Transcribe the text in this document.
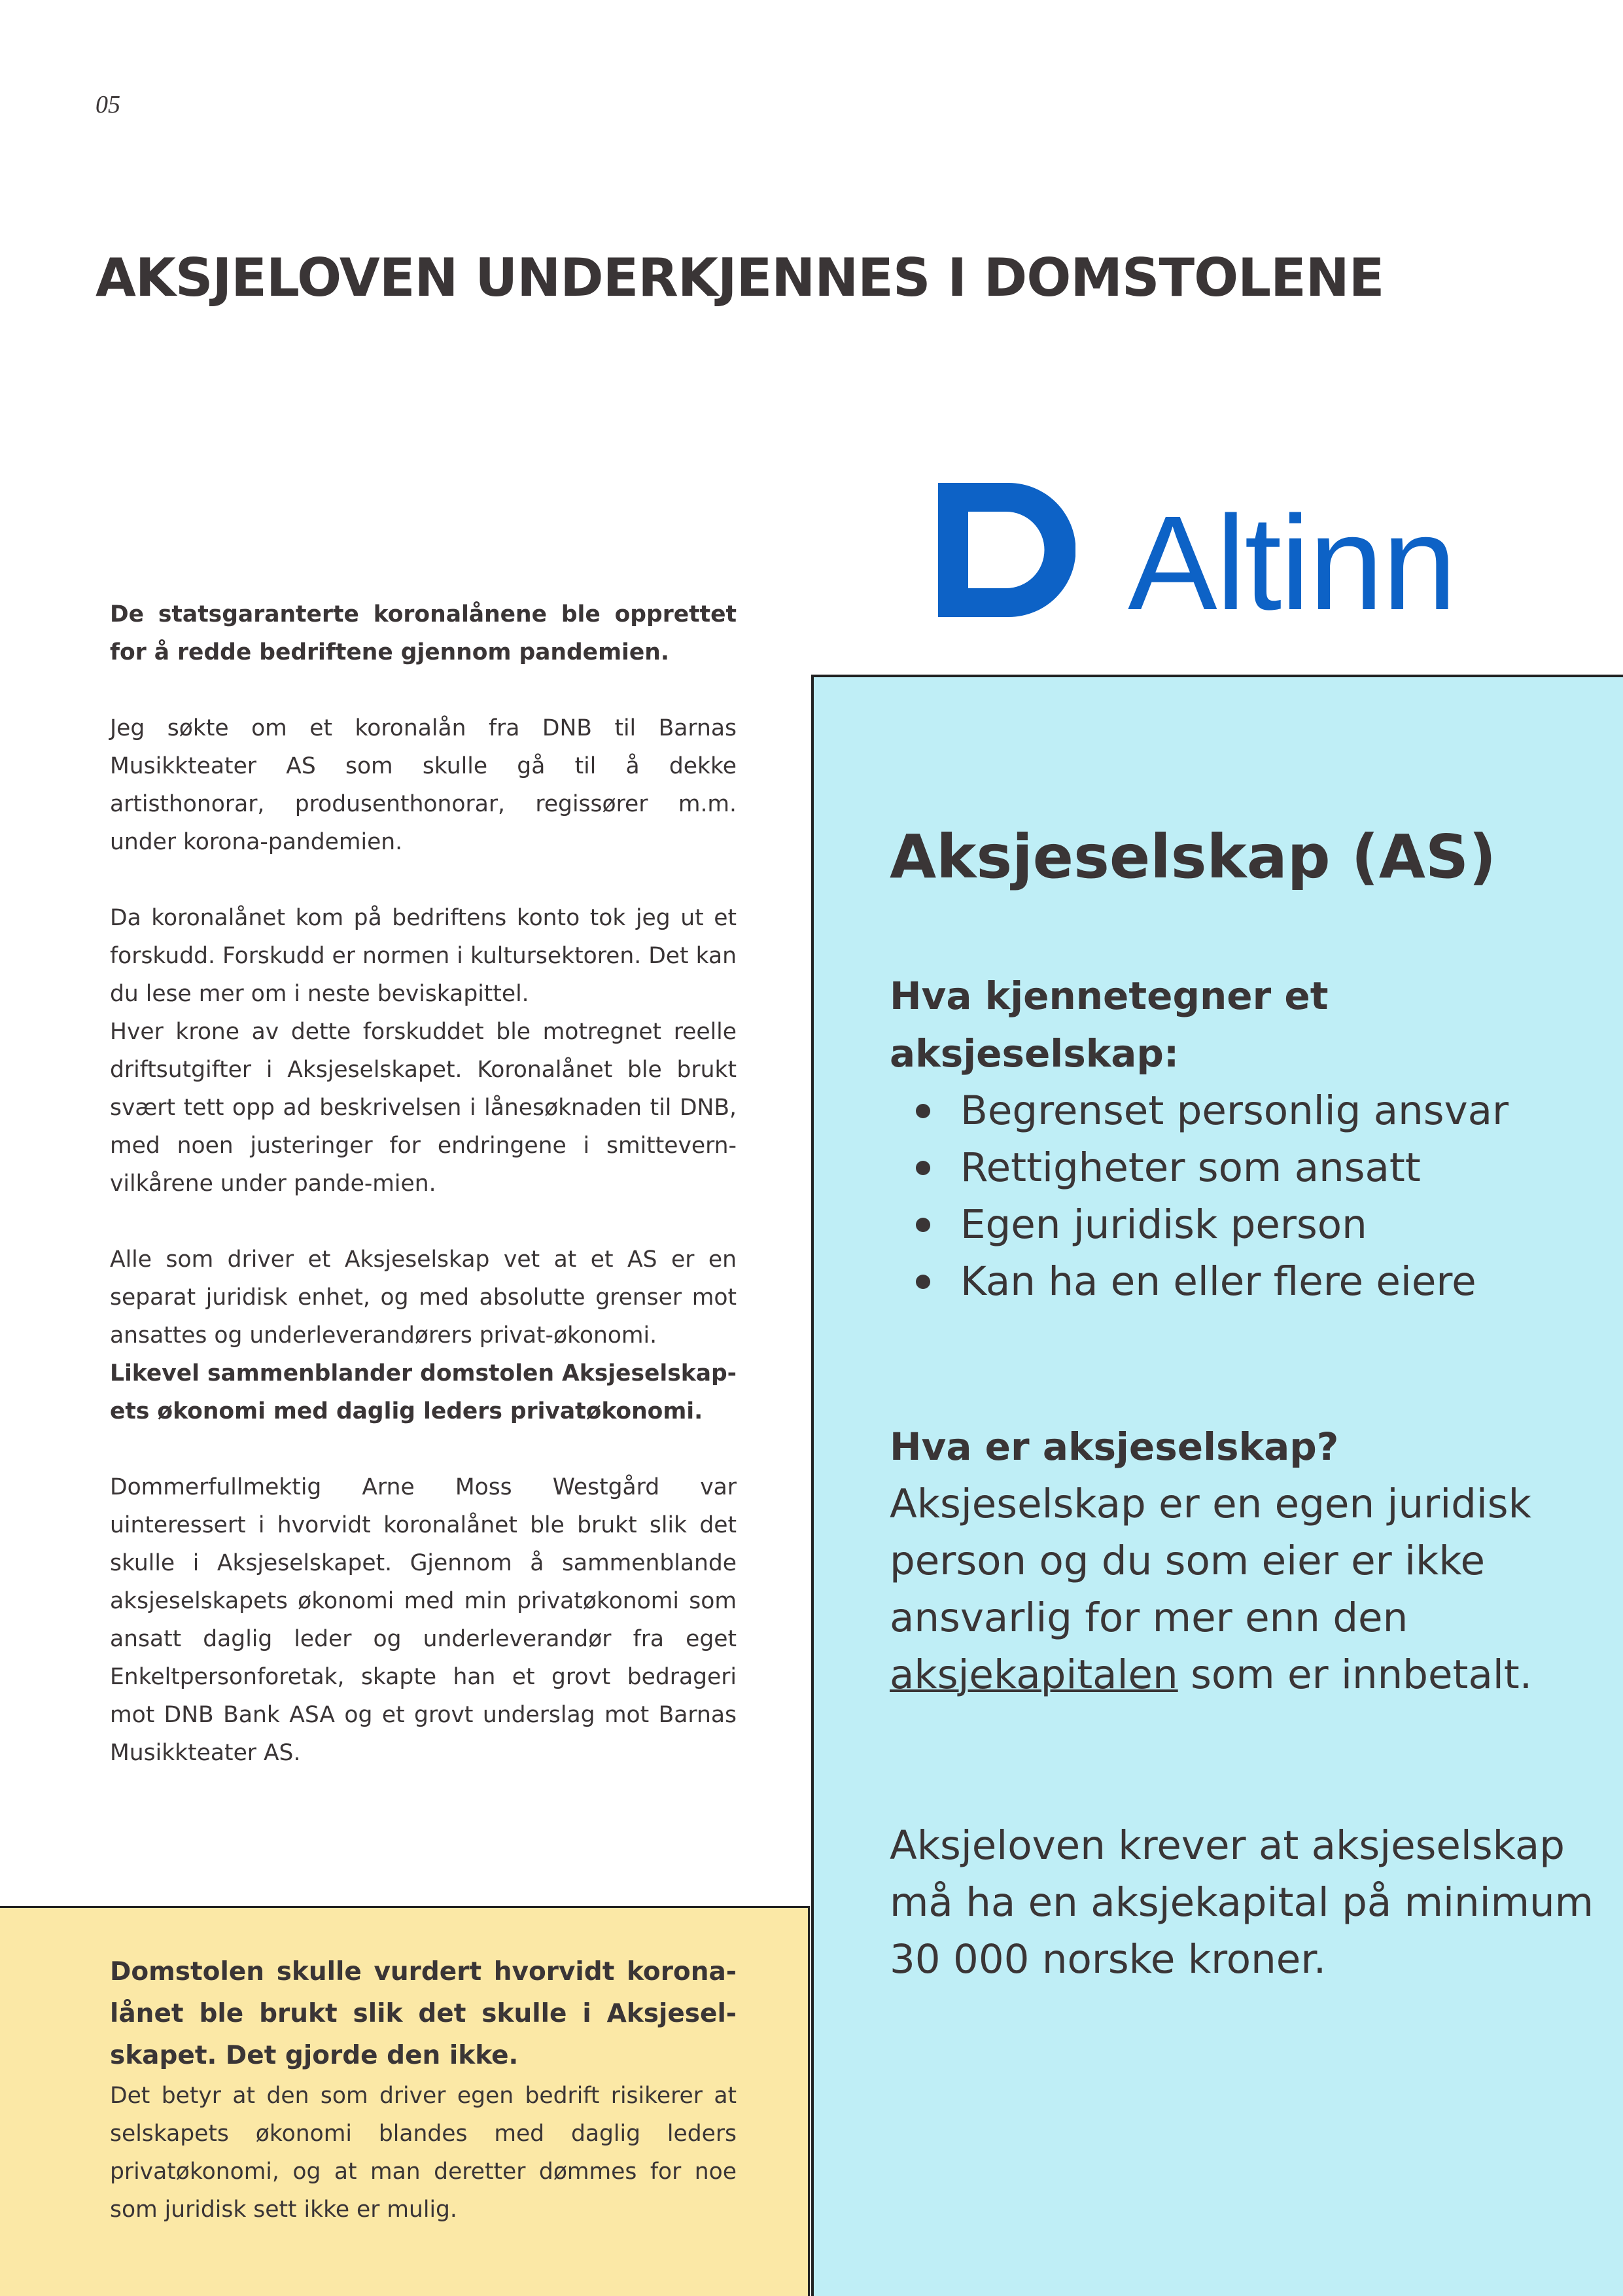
05
AKSJELOVEN UNDERKJENNES I DOMSTOLENE
Altinn

De statsgaranterte koronalånene ble opprettet for å redde bedriftene gjennom pandemien.

Jeg søkte om et koronalån fra DNB til Barnas Musikkteater AS som skulle gå til å dekke artisthonorar, produsenthonorar, regissører m.m. under korona-pandemien.

Da koronalånet kom på bedriftens konto tok jeg ut et forskudd. Forskudd er normen i kultursektoren. Det kan du lese mer om i neste beviskapittel.

Hver krone av dette forskuddet ble motregnet reelle driftsutgifter i Aksjeselskapet. Koronalånet ble brukt svært tett opp ad beskrivelsen i lånesøknaden til DNB, med noen justeringer for endringene i smittevern-vilkårene under pande-mien.

Alle som driver et Aksjeselskap vet at et AS er en separat juridisk enhet, og med absolutte grenser mot ansattes og underleverandørers privat-økonomi.

Likevel sammenblander domstolen Aksjeselskap-ets økonomi med daglig leders privatøkonomi.

Dommerfullmektig Arne Moss Westgård var uinteressert i hvorvidt koronalånet ble brukt slik det skulle i Aksjeselskapet. Gjennom å sammenblande aksjeselskapets økonomi med min privatøkonomi som ansatt daglig leder og underleverandør fra eget Enkeltpersonforetak, skapte han et grovt bedrageri mot DNB Bank ASA og et grovt underslag mot Barnas Musikkteater AS.

Domstolen skulle vurdert hvorvidt korona-lånet ble brukt slik det skulle i Aksjesel-skapet. Det gjorde den ikke.

Det betyr at den som driver egen bedrift risikerer at selskapets økonomi blandes med daglig leders privatøkonomi, og at man deretter dømmes for noe som juridisk sett ikke er mulig.

Aksjeselskap (AS)
Hva kjennetegner et aksjeselskap:
Begrenset personlig ansvar
Rettigheter som ansatt
Egen juridisk person
Kan ha en eller flere eiere
Hva er aksjeselskap?

Aksjeselskap er en egen juridisk person og du som eier er ikke ansvarlig for mer enn den aksjekapitalen som er innbetalt.

Aksjeloven krever at aksjeselskap må ha en aksjekapital på minimum

30 000 norske kroner.
